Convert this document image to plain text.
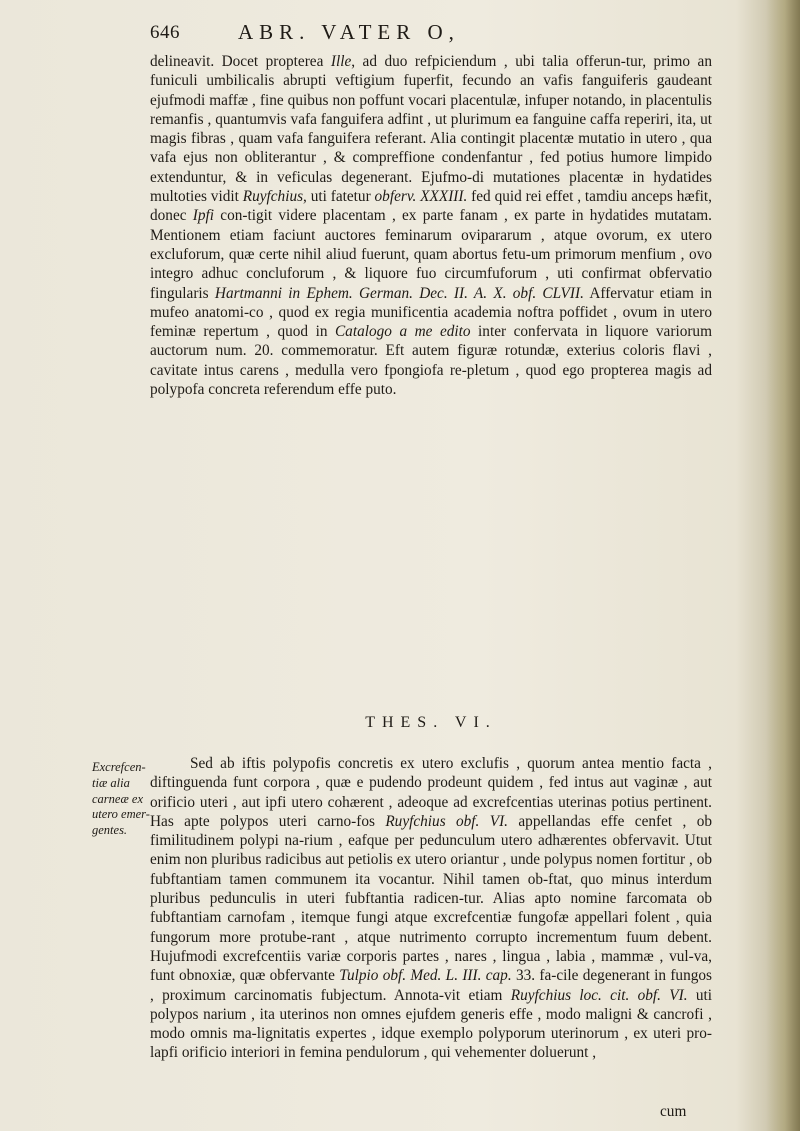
646	ABR. VATER O,

delineavit. Docet propterea Ille, ad duo refpiciendum , ubi talia offerun-tur, primo an funiculi umbilicalis abrupti veftigium fuperfit, fecundo an vafis fanguiferis gaudeant ejufmodi maffæ , fine quibus non poffunt vocari placentulæ, infuper notando, in placentulis remanfis , quantumvis vafa fanguifera adfint , ut plurimum ea fanguine caffa reperiri, ita, ut magis fibras , quam vafa fanguifera referant. Alia contingit placentæ mutatio in utero , qua vafa ejus non obliterantur , & compreffione condenfantur , fed potius humore limpido extenduntur, & in veficulas degenerant. Ejufmo-di mutationes placentæ in hydatides multoties vidit Ruyfchius, uti fatetur obferv. XXXIII. fed quid rei effet , tamdiu anceps hæfit, donec Ipfi con-tigit videre placentam , ex parte fanam , ex parte in hydatides mutatam. Mentionem etiam faciunt auctores feminarum ovipararum , atque ovorum, ex utero excluforum, quæ certe nihil aliud fuerunt, quam abortus fetu-um primorum menfium , ovo integro adhuc concluforum , & liquore fuo circumfuforum , uti confirmat obfervatio fingularis Hartmanni in Ephem. German. Dec. II. A. X. obf. CLVII. Affervatur etiam in mufeo anatomi-co , quod ex regia munificentia academia noftra poffidet , ovum in utero feminæ repertum , quod in Catalogo a me edito inter confervata in liquore variorum auctorum num. 20. commemoratur. Eft autem figuræ rotundæ, exterius coloris flavi , cavitate intus carens , medulla vero fpongiofa re-pletum , quod ego propterea magis ad polypofa concreta referendum effe puto.

THES. VI.
Excrefcen-
tiæ alia
carneæ ex
utero emer-
gentes.

Sed ab iftis polypofis concretis ex utero exclufis , quorum antea mentio facta , diftinguenda funt corpora , quæ e pudendo prodeunt quidem , fed intus aut vaginæ , aut orificio uteri , aut ipfi utero cohærent , adeoque ad excrefcentias uterinas potius pertinent. Has apte polypos uteri carno-fos Ruyfchius obf. VI. appellandas effe cenfet , ob fimilitudinem polypi na-rium , eafque per pedunculum utero adhærentes obfervavit. Utut enim non pluribus radicibus aut petiolis ex utero oriantur , unde polypus nomen fortitur , ob fubftantiam tamen communem ita vocantur. Nihil tamen ob-ftat, quo minus interdum pluribus pedunculis in uteri fubftantia radicen-tur. Alias apto nomine farcomata ob fubftantiam carnofam , itemque fungi atque excrefcentiæ fungofæ appellari folent , quia fungorum more protube-rant , atque nutrimento corrupto incrementum fuum debent. Hujufmodi excrefcentiis variæ corporis partes , nares , lingua , labia , mammæ , vul-va, funt obnoxiæ, quæ obfervante Tulpio obf. Med. L. III. cap. 33. fa-cile degenerant in fungos , proximum carcinomatis fubjectum. Annota-vit etiam Ruyfchius loc. cit. obf. VI. uti polypos narium , ita uterinos non omnes ejufdem generis effe , modo maligni & cancrofi , modo omnis ma-lignitatis expertes , idque exemplo polyporum uterinorum , ex uteri pro-lapfi orificio interiori in femina pendulorum , qui vehementer doluerunt ,

cum
